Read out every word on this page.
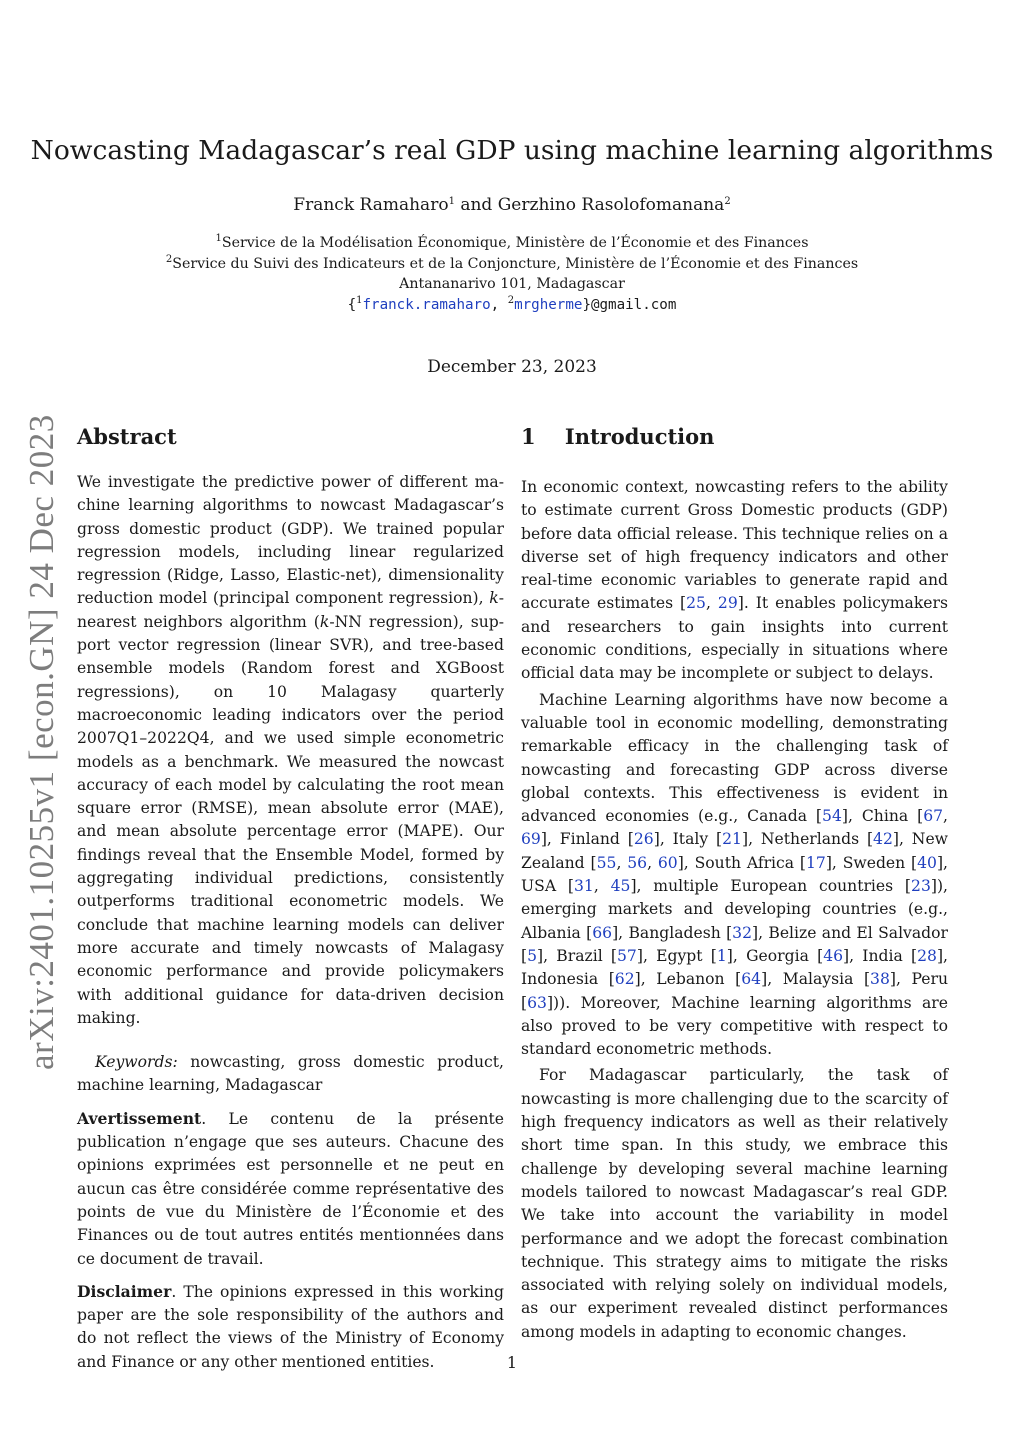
arXiv:2401.10255v1 [econ.GN] 24 Dec 2023
Nowcasting Madagascar’s real GDP using machine learning algorithms
Franck Ramaharo$^1$ and Gerzhino Rasolofomanana$^2$
$^1$Service de la Modélisation Économique, Ministère de l’Économie et des Finances
$^2$Service du Suivi des Indicateurs et de la Conjoncture, Ministère de l’Économie et des Finances
Antananarivo 101, Madagascar
{$^1$franck.ramaharo, $^2$mrgherme}@gmail.com
December 23, 2023
Abstract

We investigate the predictive power of different machine learning algorithms to nowcast Madagascar’s gross domestic product (GDP). We trained popular regression models, including linear regularized regression (Ridge, Lasso, Elastic-net), dimensionality reduction model (principal component regression), k-nearest neighbors algorithm (k-NN regression), support vector regression (linear SVR), and tree-based ensemble models (Random forest and XGBoost regressions), on 10 Malagasy quarterly macroeconomic leading indicators over the period 2007Q1–2022Q4, and we used simple econometric models as a benchmark. We measured the nowcast accuracy of each model by calculating the root mean square error (RMSE), mean absolute error (MAE), and mean absolute percentage error (MAPE). Our findings reveal that the Ensemble Model, formed by aggregating individual predictions, consistently outperforms traditional econometric models. We conclude that machine learning models can deliver more accurate and timely nowcasts of Malagasy economic performance and provide policymakers with additional guidance for data-driven decision making.

Keywords: nowcasting, gross domestic product, machine learning, Madagascar

Avertissement. Le contenu de la présente publication n’engage que ses auteurs. Chacune des opinions exprimées est personnelle et ne peut en aucun cas être considérée comme représentative des points de vue du Ministère de l’Économie et des Finances ou de tout autres entités mentionnées dans ce document de travail.

Disclaimer. The opinions expressed in this working paper are the sole responsibility of the authors and do not reflect the views of the Ministry of Economy and Finance or any other mentioned entities.

1 Introduction

In economic context, nowcasting refers to the ability to estimate current Gross Domestic products (GDP) before data official release. This technique relies on a diverse set of high frequency indicators and other real-time economic variables to generate rapid and accurate estimates [25, 29]. It enables policymakers and researchers to gain insights into current economic conditions, especially in situations where official data may be incomplete or subject to delays.

Machine Learning algorithms have now become a valuable tool in economic modelling, demonstrating remarkable efficacy in the challenging task of nowcasting and forecasting GDP across diverse global contexts. This effectiveness is evident in advanced economies (e.g., Canada [54], China [67, 69], Finland [26], Italy [21], Netherlands [42], New Zealand [55, 56, 60], South Africa [17], Sweden [40], USA [31, 45], multiple European countries [23]), emerging markets and developing countries (e.g., Albania [66], Bangladesh [32], Belize and El Salvador [5], Brazil [57], Egypt [1], Georgia [46], India [28], Indonesia [62], Lebanon [64], Malaysia [38], Peru [63])). Moreover, Machine learning algorithms are also proved to be very competitive with respect to standard econometric methods.

For Madagascar particularly, the task of nowcasting is more challenging due to the scarcity of high frequency indicators as well as their relatively short time span. In this study, we embrace this challenge by developing several machine learning models tailored to nowcast Madagascar’s real GDP. We take into account the variability in model performance and we adopt the forecast combination technique. This strategy aims to mitigate the risks associated with relying solely on individual models, as our experiment revealed distinct performances among models in adapting to economic changes.

1
